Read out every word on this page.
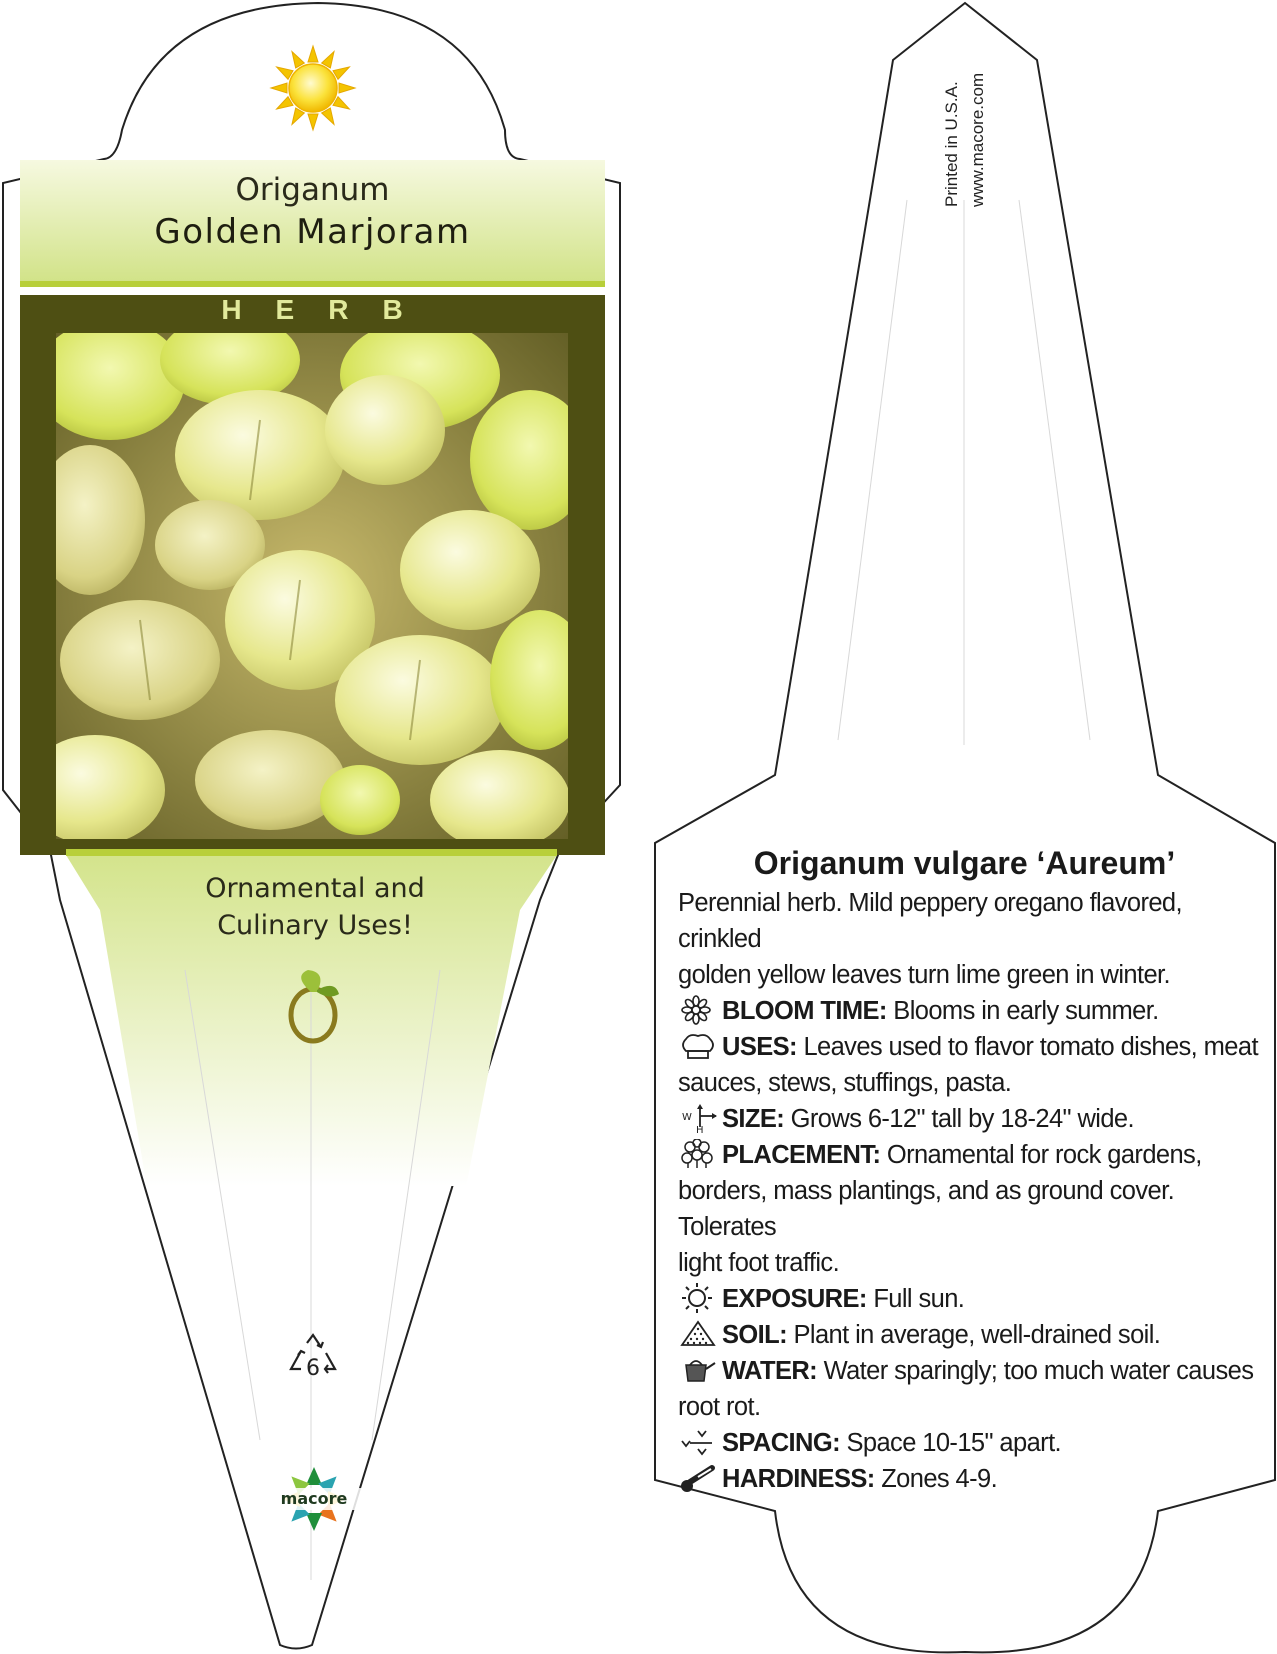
Origanum
Golden Marjoram
HERB
Ornamental and
Culinary Uses!
6
macore
Printed in U.S.A. www.macore.com
Origanum vulgare ‘Aureum’
Perennial herb. Mild peppery oregano flavored, crinkled
golden yellow leaves turn lime green in winter.
BLOOM TIME: Blooms in early summer.
USES: Leaves used to flavor tomato dishes, meat
sauces, stews, stuffings, pasta.
W
H SIZE: Grows 6-12" tall by 18-24" wide.
PLACEMENT: Ornamental for rock gardens,
borders, mass plantings, and as ground cover. Tolerates
light foot traffic.
EXPOSURE: Full sun.
SOIL: Plant in average, well-drained soil.
WATER: Water sparingly; too much water causes
root rot.
SPACING: Space 10-15" apart.
HARDINESS: Zones 4-9.
